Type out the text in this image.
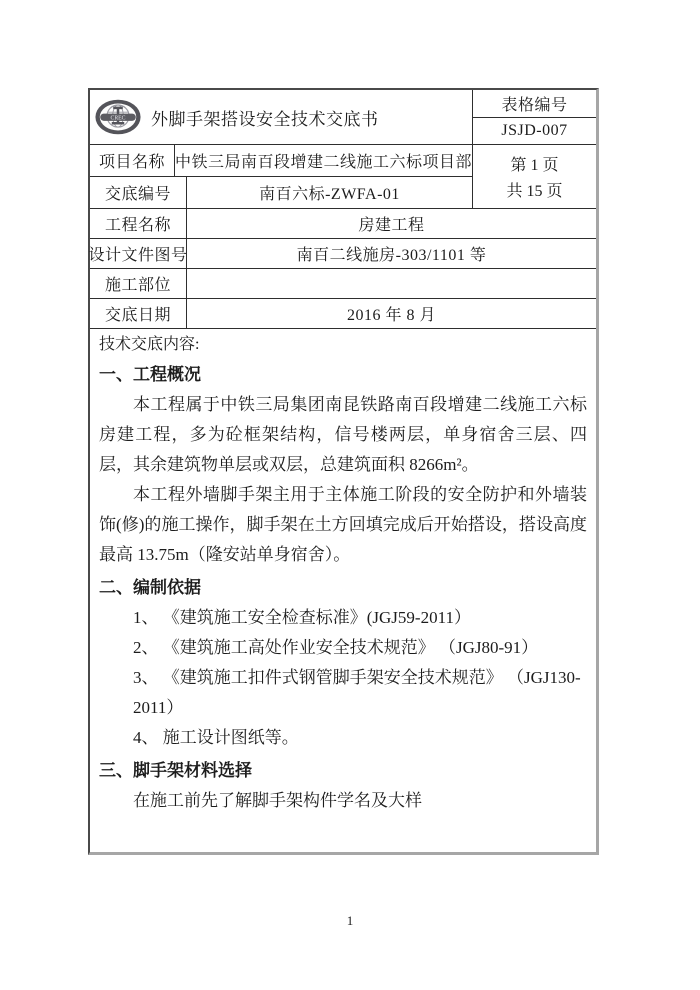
CREC 外脚手架搭设安全技术交底书
表格编号
JSJD-007
项目名称 中铁三局南百段增建二线施工六标项目部
交底编号	南百六标-ZWFA-01
第 1 页
共 15 页
工程名称	房建工程
设计文件图号	南百二线施房-303/1101 等
施工部位
交底日期	2016 年 8 月
技术交底内容:
一、工程概况

本工程属于中铁三局集团南昆铁路南百段增建二线施工六标房建工程，多为砼框架结构，信号楼两层，单身宿舍三层、四层，其余建筑物单层或双层，总建筑面积 8266m²。

本工程外墙脚手架主用于主体施工阶段的安全防护和外墙装饰(修)的施工操作，脚手架在土方回填完成后开始搭设，搭设高度最高 13.75m（隆安站单身宿舍）。

二、编制依据

1、 《建筑施工安全检查标准》(JGJ59-2011）

2、 《建筑施工高处作业安全技术规范》 （JGJ80-91）

3、 《建筑施工扣件式钢管脚手架安全技术规范》 （JGJ130-2011）

4、 施工设计图纸等。

三、脚手架材料选择

在施工前先了解脚手架构件学名及大样

1
